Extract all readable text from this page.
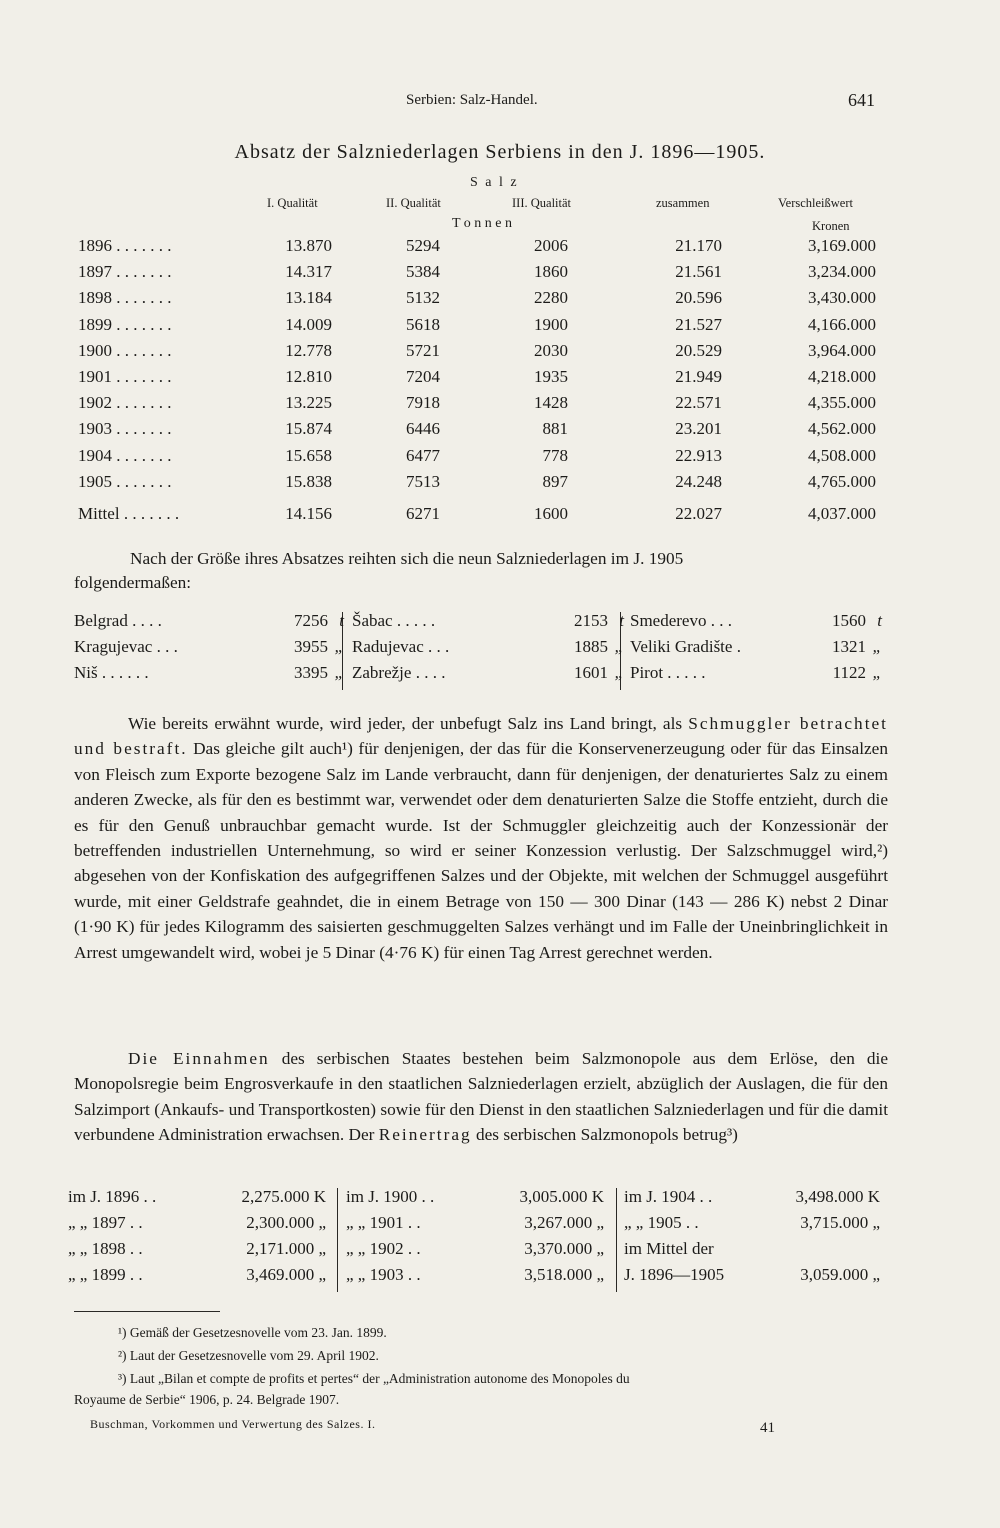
Serbien: Salz-Handel.	641
Absatz der Salzniederlagen Serbiens in den J. 1896—1905.
S a l z
I. Qualität	II. Qualität	III. Qualität	zusammen	Verschleißwert
T o n n e n	Kronen
1896 . . . . . . .	13.870	5294	2006	21.170	3,169.000
1897 . . . . . . .	14.317	5384	1860	21.561	3,234.000
1898 . . . . . . .	13.184	5132	2280	20.596	3,430.000
1899 . . . . . . .	14.009	5618	1900	21.527	4,166.000
1900 . . . . . . .	12.778	5721	2030	20.529	3,964.000
1901 . . . . . . .	12.810	7204	1935	21.949	4,218.000
1902 . . . . . . .	13.225	7918	1428	22.571	4,355.000
1903 . . . . . . .	15.874	6446	881	23.201	4,562.000
1904 . . . . . . .	15.658	6477	778	22.913	4,508.000
1905 . . . . . . .	15.838	7513	897	24.248	4,765.000
Mittel . . . . . . .	14.156	6271	1600	22.027	4,037.000
Nach der Größe ihres Absatzes reihten sich die neun Salzniederlagen im J. 1905
folgendermaßen:
Belgrad . . . .	7256 t
Kragujevac . . .	3955 „
Niš . . . . . .	3395 „
Šabac . . . . .	2153 t
Radujevac . . .	1885 „
Zabrežje . . . .	1601 „
Smederevo . . .	1560 t
Veliki Gradište .	1321 „
Pirot . . . . .	1122 „
Wie bereits erwähnt wurde, wird jeder, der unbefugt Salz ins Land bringt, als Schmuggler betrachtet und bestraft. Das gleiche gilt auch¹) für denjenigen, der das für die Konservenerzeugung oder für das Einsalzen von Fleisch zum Exporte bezogene Salz im Lande verbraucht, dann für denjenigen, der denaturiertes Salz zu einem anderen Zwecke, als für den es bestimmt war, verwendet oder dem denaturierten Salze die Stoffe entzieht, durch die es für den Genuß unbrauchbar gemacht wurde. Ist der Schmuggler gleichzeitig auch der Konzessionär der betreffenden industriellen Unternehmung, so wird er seiner Konzession verlustig. Der Salzschmuggel wird,²) abgesehen von der Konfiskation des aufgegriffenen Salzes und der Objekte, mit welchen der Schmuggel ausgeführt wurde, mit einer Geldstrafe geahndet, die in einem Betrage von 150 — 300 Dinar (143 — 286 K) nebst 2 Dinar (1·90 K) für jedes Kilogramm des saisierten geschmuggelten Salzes verhängt und im Falle der Uneinbringlichkeit in Arrest umgewandelt wird, wobei je 5 Dinar (4·76 K) für einen Tag Arrest gerechnet werden.
Die Einnahmen des serbischen Staates bestehen beim Salzmonopole aus dem Erlöse, den die Monopolsregie beim Engrosverkaufe in den staatlichen Salzniederlagen erzielt, abzüglich der Auslagen, die für den Salzimport (Ankaufs- und Transportkosten) sowie für den Dienst in den staatlichen Salzniederlagen und für die damit verbundene Administration erwachsen. Der Reinertrag des serbischen Salzmonopols betrug³)
im J. 1896 . .	2,275.000 K
„ „ 1897 . .	2,300.000 „
„ „ 1898 . .	2,171.000 „
„ „ 1899 . .	3,469.000 „
im J. 1900 . .	3,005.000 K
„ „ 1901 . .	3,267.000 „
„ „ 1902 . .	3,370.000 „
„ „ 1903 . .	3,518.000 „
im J. 1904 . .	3,498.000 K
„ „ 1905 . .	3,715.000 „
im Mittel der
J. 1896—1905	3,059.000 „
¹) Gemäß der Gesetzesnovelle vom 23. Jan. 1899.
²) Laut der Gesetzesnovelle vom 29. April 1902.
³) Laut „Bilan et compte de profits et pertes“ der „Administration autonome des Monopoles du
Royaume de Serbie“ 1906, p. 24. Belgrade 1907.
Buschman, Vorkommen und Verwertung des Salzes. I.	41
